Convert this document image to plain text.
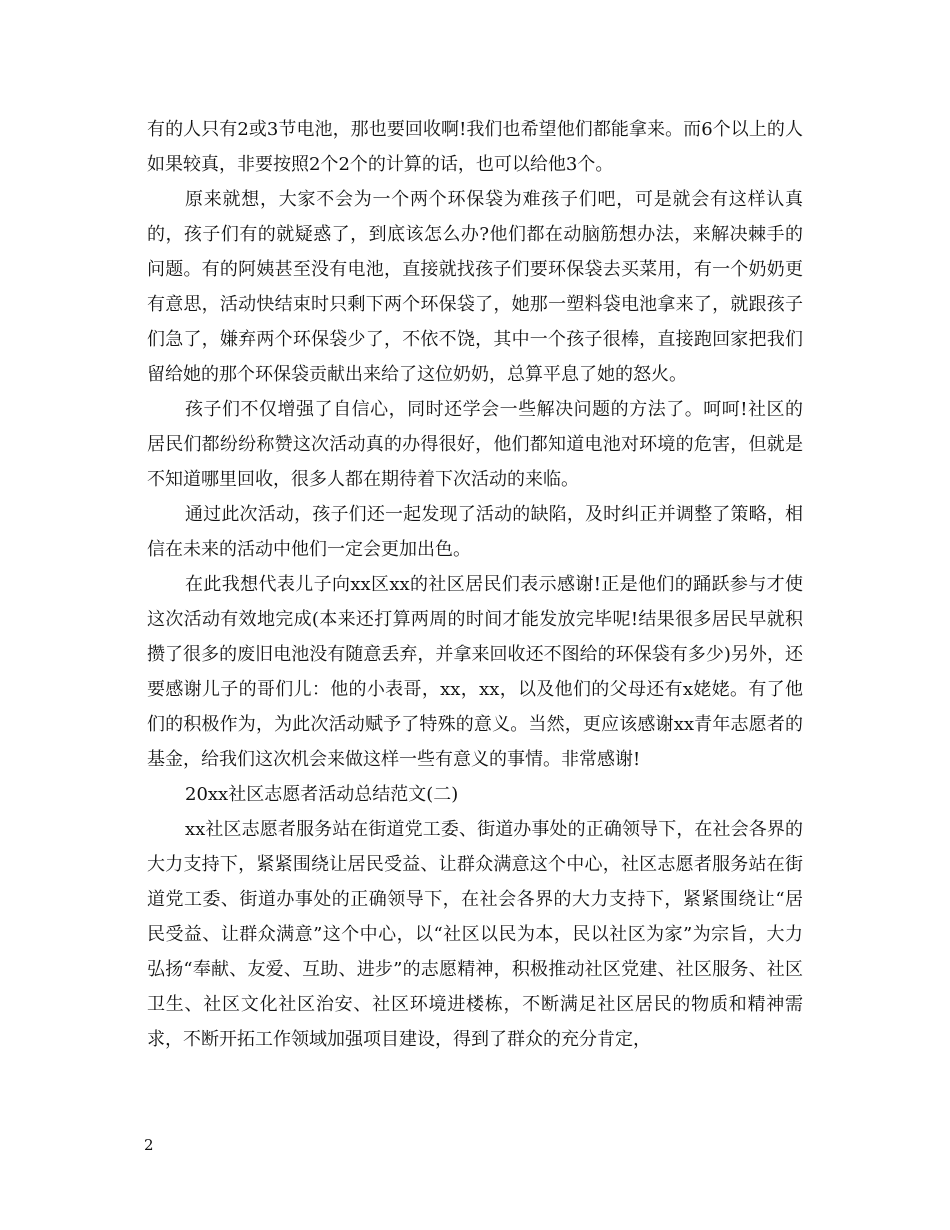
有的人只有2或3节电池，那也要回收啊!我们也希望他们都能拿来。而6个以上的人如果较真，非要按照2个2个的计算的话，也可以给他3个。

原来就想，大家不会为一个两个环保袋为难孩子们吧，可是就会有这样认真的，孩子们有的就疑惑了，到底该怎么办?他们都在动脑筋想办法，来解决棘手的问题。有的阿姨甚至没有电池，直接就找孩子们要环保袋去买菜用，有一个奶奶更有意思，活动快结束时只剩下两个环保袋了，她那一塑料袋电池拿来了，就跟孩子们急了，嫌弃两个环保袋少了，不依不饶，其中一个孩子很棒，直接跑回家把我们留给她的那个环保袋贡献出来给了这位奶奶，总算平息了她的怒火。

孩子们不仅增强了自信心，同时还学会一些解决问题的方法了。呵呵!社区的居民们都纷纷称赞这次活动真的办得很好，他们都知道电池对环境的危害，但就是不知道哪里回收，很多人都在期待着下次活动的来临。

通过此次活动，孩子们还一起发现了活动的缺陷，及时纠正并调整了策略，相信在未来的活动中他们一定会更加出色。

在此我想代表儿子向xx区xx的社区居民们表示感谢!正是他们的踊跃参与才使这次活动有效地完成(本来还打算两周的时间才能发放完毕呢!结果很多居民早就积攒了很多的废旧电池没有随意丢弃，并拿来回收还不图给的环保袋有多少)另外，还要感谢儿子的哥们儿：他的小表哥，xx，xx，以及他们的父母还有x姥姥。有了他们的积极作为，为此次活动赋予了特殊的意义。当然，更应该感谢xx青年志愿者的基金，给我们这次机会来做这样一些有意义的事情。非常感谢!

20xx社区志愿者活动总结范文(二)

xx社区志愿者服务站在街道党工委、街道办事处的正确领导下，在社会各界的大力支持下，紧紧围绕让居民受益、让群众满意这个中心，社区志愿者服务站在街道党工委、街道办事处的正确领导下，在社会各界的大力支持下，紧紧围绕让“居民受益、让群众满意”这个中心，以“社区以民为本，民以社区为家”为宗旨，大力弘扬“奉献、友爱、互助、进步”的志愿精神，积极推动社区党建、社区服务、社区卫生、社区文化社区治安、社区环境进楼栋，不断满足社区居民的物质和精神需求，不断开拓工作领域加强项目建设，得到了群众的充分肯定，

2
